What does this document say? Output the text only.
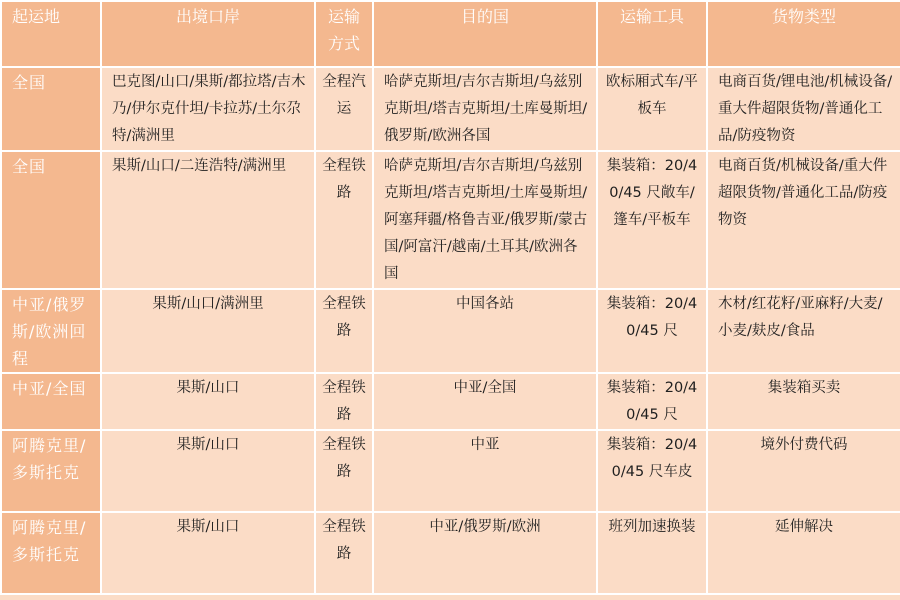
起运地	出境口岸	运输方式	目的国	运输工具	货物类型
全国	巴克图/山口/果斯/都拉塔/吉木乃/伊尔克什坦/卡拉苏/土尔尕特/满洲里	全程汽运	哈萨克斯坦/吉尔吉斯坦/乌兹别克斯坦/塔吉克斯坦/土库曼斯坦/俄罗斯/欧洲各国	欧标厢式车/平板车	电商百货/锂电池/机械设备/重大件超限货物/普通化工品/防疫物资
全国	果斯/山口/二连浩特/满洲里	全程铁路	哈萨克斯坦/吉尔吉斯坦/乌兹别克斯坦/塔吉克斯坦/土库曼斯坦/阿塞拜疆/格鲁吉亚/俄罗斯/蒙古国/阿富汗/越南/土耳其/欧洲各国	集装箱：20/40/45 尺敞车/篷车/平板车	电商百货/机械设备/重大件超限货物/普通化工品/防疫物资
中亚/俄罗斯/欧洲回程	果斯/山口/满洲里	全程铁路	中国各站	集装箱：20/40/45 尺	木材/红花籽/亚麻籽/大麦/小麦/麸皮/食品
中亚/全国	果斯/山口	全程铁路	中亚/全国	集装箱：20/40/45 尺	集装箱买卖
阿腾克里/多斯托克	果斯/山口	全程铁路	中亚	集装箱：20/40/45 尺车皮	境外付费代码
阿腾克里/多斯托克	果斯/山口	全程铁路	中亚/俄罗斯/欧洲	班列加速换装	延伸解决
